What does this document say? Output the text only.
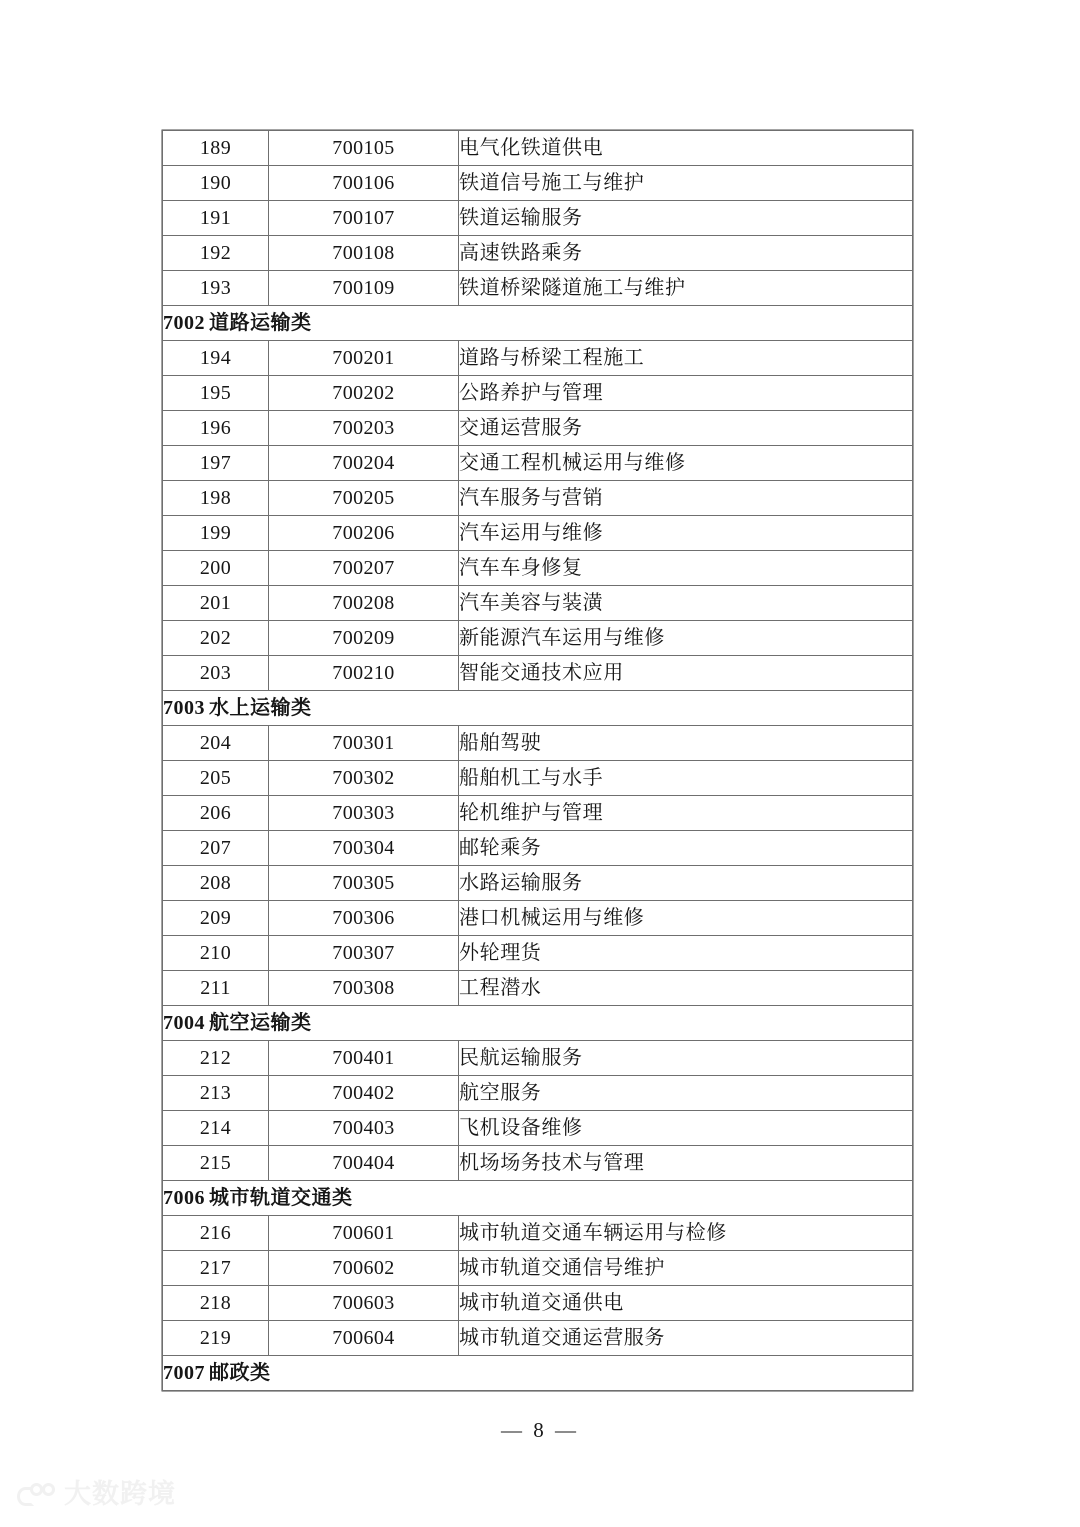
189	700105	电气化铁道供电
190	700106	铁道信号施工与维护
191	700107	铁道运输服务
192	700108	高速铁路乘务
193	700109	铁道桥梁隧道施工与维护
7002 道路运输类		
194	700201	道路与桥梁工程施工
195	700202	公路养护与管理
196	700203	交通运营服务
197	700204	交通工程机械运用与维修
198	700205	汽车服务与营销
199	700206	汽车运用与维修
200	700207	汽车车身修复
201	700208	汽车美容与装潢
202	700209	新能源汽车运用与维修
203	700210	智能交通技术应用
7003 水上运输类		
204	700301	船舶驾驶
205	700302	船舶机工与水手
206	700303	轮机维护与管理
207	700304	邮轮乘务
208	700305	水路运输服务
209	700306	港口机械运用与维修
210	700307	外轮理货
211	700308	工程潜水
7004 航空运输类		
212	700401	民航运输服务
213	700402	航空服务
214	700403	飞机设备维修
215	700404	机场场务技术与管理
7006 城市轨道交通类		
216	700601	城市轨道交通车辆运用与检修
217	700602	城市轨道交通信号维护
218	700603	城市轨道交通供电
219	700604	城市轨道交通运营服务
7007 邮政类		
— 8 —
大数跨境
